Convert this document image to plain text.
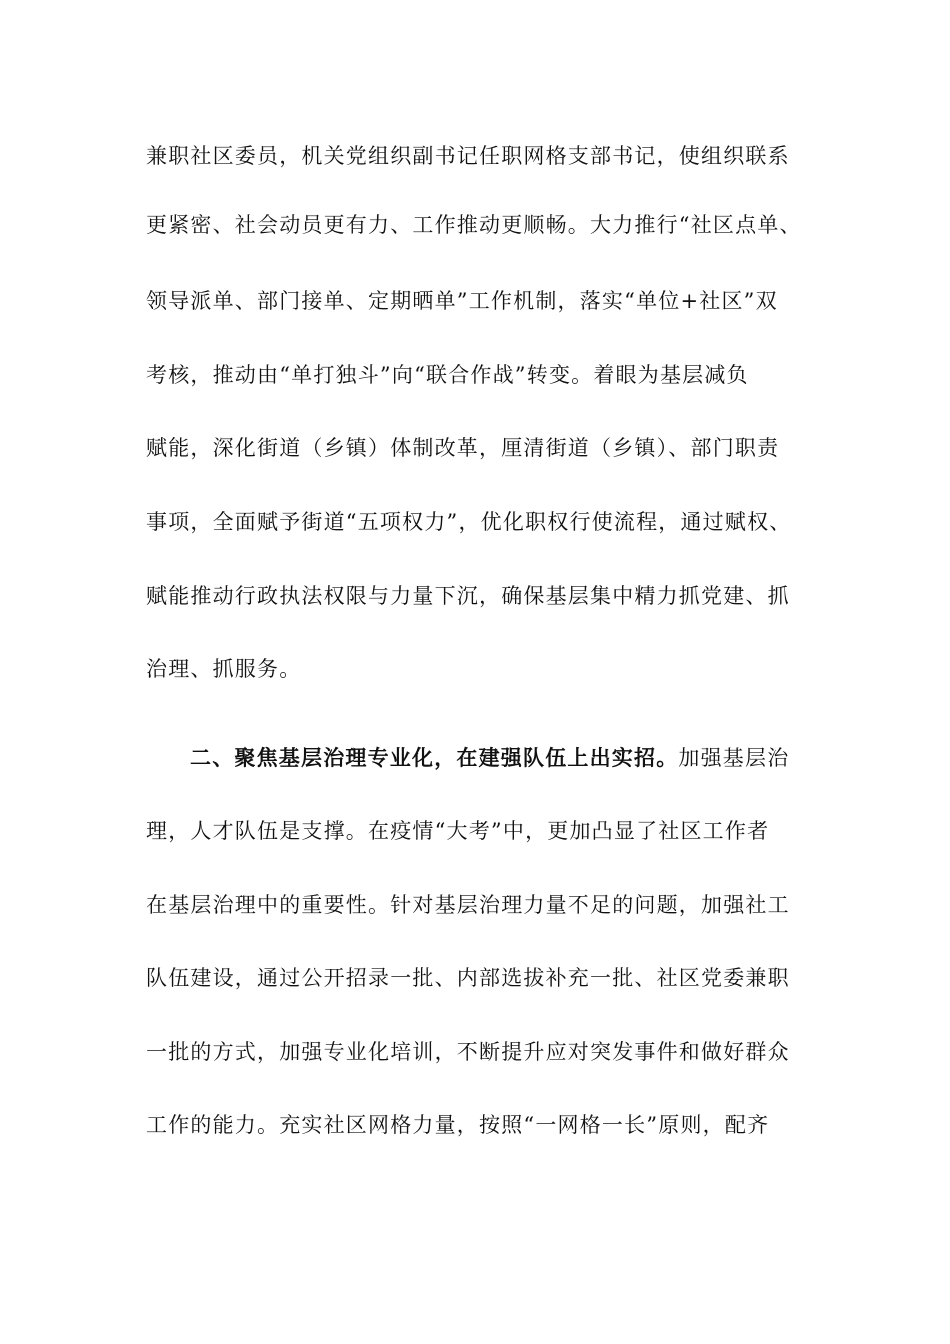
兼职社区委员，机关党组织副书记任职网格支部书记，使组织联系
更紧密、社会动员更有力、工作推动更顺畅。大力推行“社区点单、
领导派单、部门接单、定期晒单”工作机制，落实“单位+社区”双
考核，推动由“单打独斗”向“联合作战”转变。着眼为基层减负
赋能，深化街道（乡镇）体制改革，厘清街道（乡镇）、部门职责
事项，全面赋予街道“五项权力”，优化职权行使流程，通过赋权、
赋能推动行政执法权限与力量下沉，确保基层集中精力抓党建、抓
治理、抓服务。
二、聚焦基层治理专业化，在建强队伍上出实招。加强基层治
理，人才队伍是支撑。在疫情“大考”中，更加凸显了社区工作者
在基层治理中的重要性。针对基层治理力量不足的问题，加强社工
队伍建设，通过公开招录一批、内部选拔补充一批、社区党委兼职
一批的方式，加强专业化培训，不断提升应对突发事件和做好群众
工作的能力。充实社区网格力量，按照“一网格一长”原则，配齐
